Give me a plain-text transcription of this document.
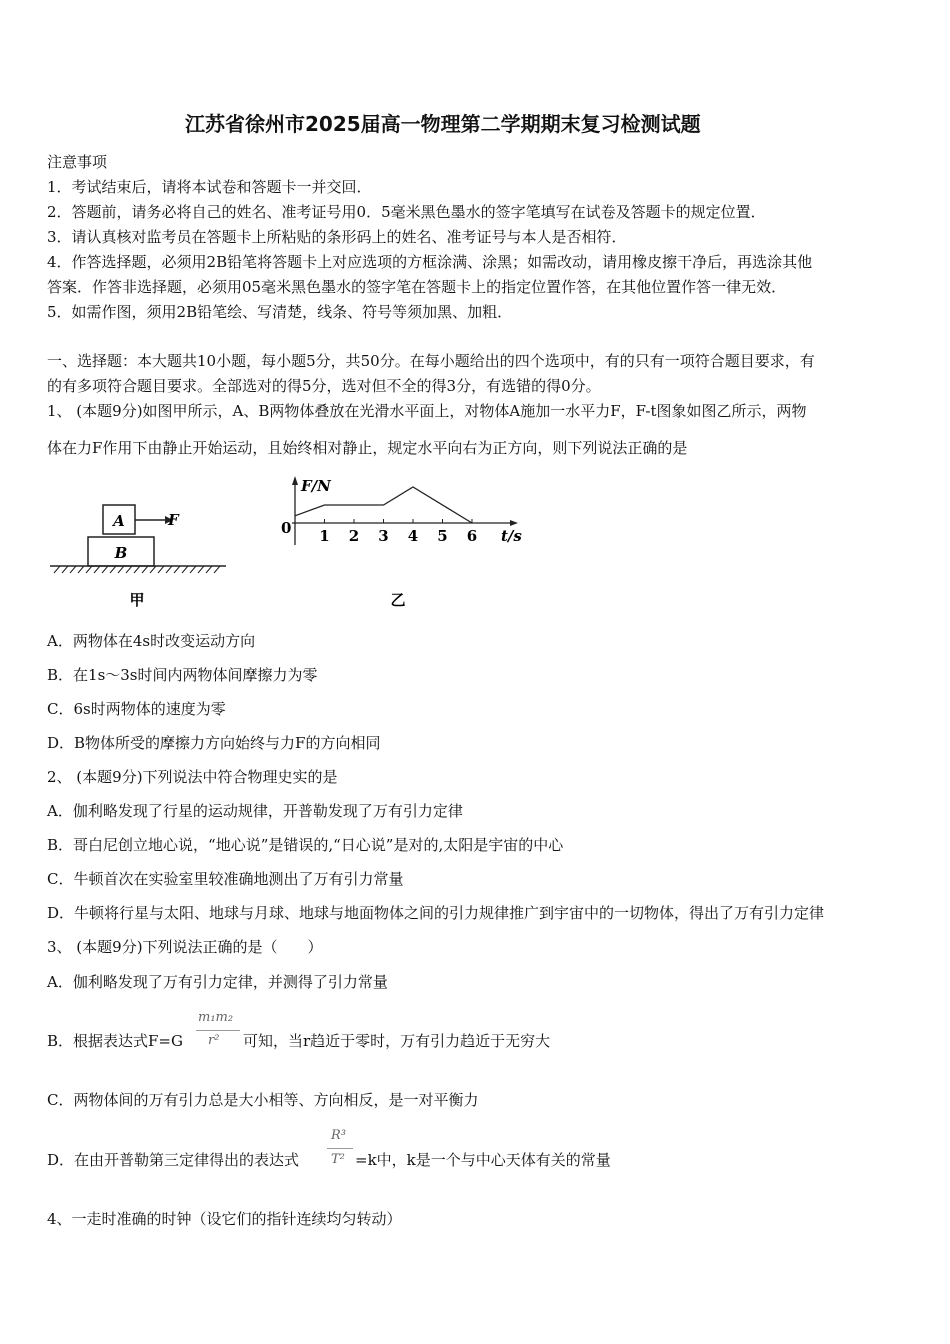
江苏省徐州市2025届高一物理第二学期期末复习检测试题
注意事项
1．考试结束后，请将本试卷和答题卡一并交回．
2．答题前，请务必将自己的姓名、准考证号用0．5毫米黑色墨水的签字笔填写在试卷及答题卡的规定位置．
3．请认真核对监考员在答题卡上所粘贴的条形码上的姓名、准考证号与本人是否相符．
4．作答选择题，必须用2B铅笔将答题卡上对应选项的方框涂满、涂黑；如需改动，请用橡皮擦干净后，再选涂其他
答案．作答非选择题，必须用05毫米黑色墨水的签字笔在答题卡上的指定位置作答，在其他位置作答一律无效．
5．如需作图，须用2B铅笔绘、写清楚，线条、符号等须加黑、加粗．
一、选择题：本大题共10小题，每小题5分，共50分。在每小题给出的四个选项中，有的只有一项符合题目要求，有
的有多项符合题目要求。全部选对的得5分，选对但不全的得3分，有选错的得0分。
1、 (本题9分)如图甲所示，A、B两物体叠放在光滑水平面上，对物体A施加一水平力F，F-t图象如图乙所示，两物
体在力F作用下由静止开始运动，且始终相对静止，规定水平向右为正方向，则下列说法正确的是
A	F
B
甲
F/N
t/s
0 1 2 3 4 5 6
乙
A．两物体在4s时改变运动方向
B．在1s～3s时间内两物体间摩擦力为零
C．6s时两物体的速度为零
D．B物体所受的摩擦力方向始终与力F的方向相同
2、 (本题9分)下列说法中符合物理史实的是
A．伽利略发现了行星的运动规律，开普勒发现了万有引力定律
B．哥白尼创立地心说，“地心说”是错误的,“日心说”是对的,太阳是宇宙的中心
C．牛顿首次在实验室里较准确地测出了万有引力常量
D．牛顿将行星与太阳、地球与月球、地球与地面物体之间的引力规律推广到宇宙中的一切物体，得出了万有引力定律
3、 (本题9分)下列说法正确的是（　　）
A．伽利略发现了万有引力定律，并测得了引力常量
B．根据表达式F=G
m₁m₂
r² 可知，当r趋近于零时，万有引力趋近于无穷大
C．两物体间的万有引力总是大小相等、方向相反，是一对平衡力
D．在由开普勒第三定律得出的表达式
R³
T² =k中，k是一个与中心天体有关的常量
4、一走时准确的时钟（设它们的指针连续均匀转动）
